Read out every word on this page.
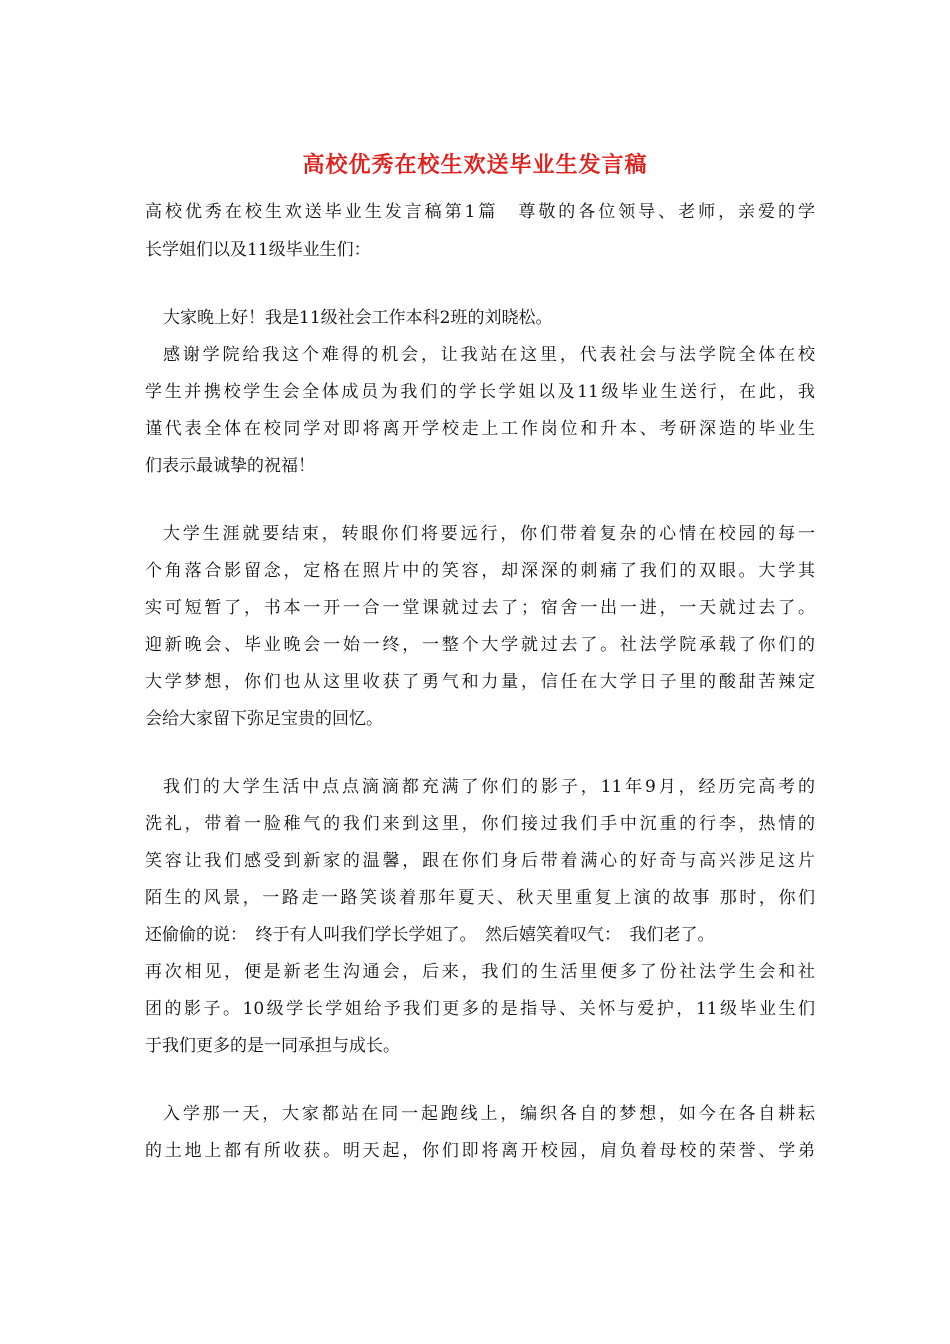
高校优秀在校生欢送毕业生发言稿
高校优秀在校生欢送毕业生发言稿第1篇　尊敬的各位领导、老师，亲爱的学
长学姐们以及11级毕业生们：
大家晚上好！我是11级社会工作本科2班的刘晓松。
感谢学院给我这个难得的机会，让我站在这里，代表社会与法学院全体在校
学生并携校学生会全体成员为我们的学长学姐以及11级毕业生送行，在此，我
谨代表全体在校同学对即将离开学校走上工作岗位和升本、考研深造的毕业生
们表示最诚挚的祝福！
大学生涯就要结束，转眼你们将要远行，你们带着复杂的心情在校园的每一
个角落合影留念，定格在照片中的笑容，却深深的刺痛了我们的双眼。大学其
实可短暂了，书本一开一合一堂课就过去了；宿舍一出一进，一天就过去了。
迎新晚会、毕业晚会一始一终，一整个大学就过去了。社法学院承载了你们的
大学梦想，你们也从这里收获了勇气和力量，信任在大学日子里的酸甜苦辣定
会给大家留下弥足宝贵的回忆。
我们的大学生活中点点滴滴都充满了你们的影子，11年9月，经历完高考的
洗礼，带着一脸稚气的我们来到这里，你们接过我们手中沉重的行李，热情的
笑容让我们感受到新家的温馨，跟在你们身后带着满心的好奇与高兴涉足这片
陌生的风景，一路走一路笑谈着那年夏天、秋天里重复上演的故事 那时，你们
还偷偷的说：　终于有人叫我们学长学姐了。　然后嬉笑着叹气：　我们老了。
再次相见，便是新老生沟通会，后来，我们的生活里便多了份社法学生会和社
团的影子。10级学长学姐给予我们更多的是指导、关怀与爱护，11级毕业生们
于我们更多的是一同承担与成长。
入学那一天，大家都站在同一起跑线上，编织各自的梦想，如今在各自耕耘
的土地上都有所收获。明天起，你们即将离开校园，肩负着母校的荣誉、学弟
